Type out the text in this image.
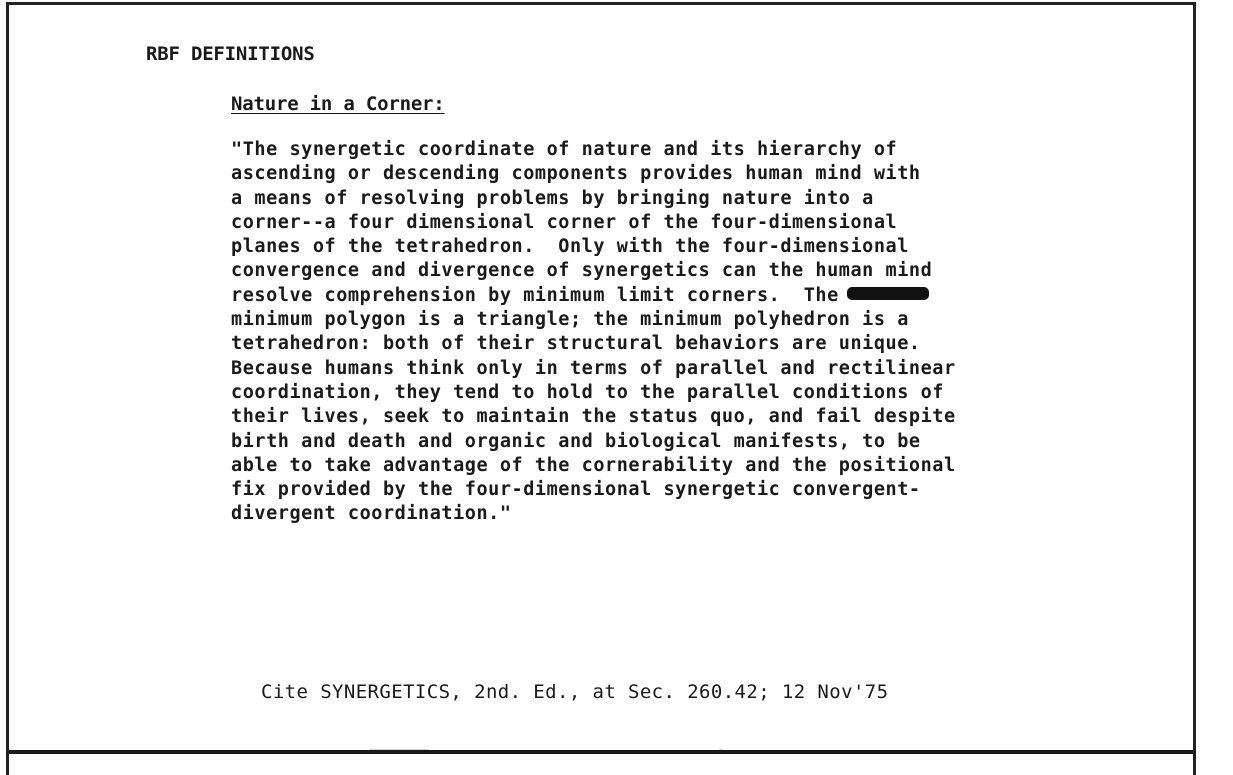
RBF DEFINITIONS

Nature in a Corner:

"The synergetic coordinate of nature and its hierarchy of
ascending or descending components provides human mind with
a means of resolving problems by bringing nature into a
corner--a four dimensional corner of the four-dimensional
planes of the tetrahedron.  Only with the four-dimensional
convergence and divergence of synergetics can the human mind
resolve comprehension by minimum limit corners.  The
minimum polygon is a triangle; the minimum polyhedron is a
tetrahedron: both of their structural behaviors are unique.
Because humans think only in terms of parallel and rectilinear
coordination, they tend to hold to the parallel conditions of
their lives, seek to maintain the status quo, and fail despite
birth and death and organic and biological manifests, to be
able to take advantage of the cornerability and the positional
fix provided by the four-dimensional synergetic convergent-
divergent coordination."

Cite SYNERGETICS, 2nd. Ed., at Sec. 260.42; 12 Nov'75
